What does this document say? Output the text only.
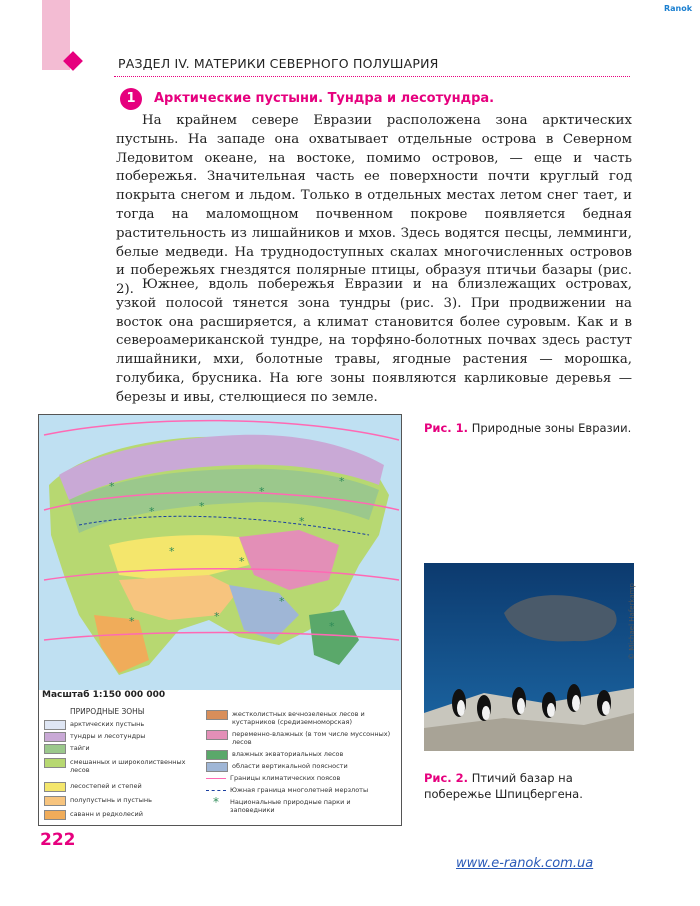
Ranok
РАЗДЕЛ IV. МАТЕРИКИ СЕВЕРНОГО ПОЛУШАРИЯ
1	Арктические пустыни. Тундра и лесотундра.

На крайнем севере Евразии расположена зона арктических пустынь. На западе она охватывает отдельные острова в Северном Ледовитом океане, на востоке, помимо островов, — еще и часть побережья. Значительная часть ее поверхности почти круглый год покрыта снегом и льдом. Только в отдельных местах летом снег тает, и тогда на маломощном почвенном покрове появляется бедная растительность из лишайников и мхов. Здесь водятся песцы, лемминги, белые медведи. На труднодоступных скалах многочисленных островов и побережьях гнездятся полярные птицы, образуя птичьи базары (рис. 2). Южнее, вдоль побережья Евразии и на близлежащих островах, узкой полосой тянется зона тундры (рис. 3). При продвижении на восток она расширяется, а климат становится более суровым. Как и в североамериканской тундре, на торфяно-болотных почвах здесь растут лишайники, мхи, болотные травы, ягодные растения — морошка, голубика, брусника. На юге зоны появляются карликовые деревья — березы и ивы, стелющиеся по земле.

*
*	*
*
*
*
*
*
*
*
*	*
Масштаб 1:150 000 000
ПРИРОДНЫЕ ЗОНЫ
арктических пустынь
тундры и лесотундры
тайги
смешанных и широколиственных лесов
лесостепей и степей
полупустынь и пустынь
саванн и редколесий
жестколистных вечнозеленых лесов и кустарников (средиземноморская)
переменно-влажных (в том числе муссонных) лесов
влажных экваториальных лесов
области вертикальной поясности
Границы климатических поясов
Южная граница многолетней мерзлоты
*	Национальные природные парки и заповедники
Рис. 1. Природные зоны Евразии.
© Michael Haferkamp
Рис. 2. Птичий базар на побережье Шпицбергена.
222
www.e-ranok.com.ua
